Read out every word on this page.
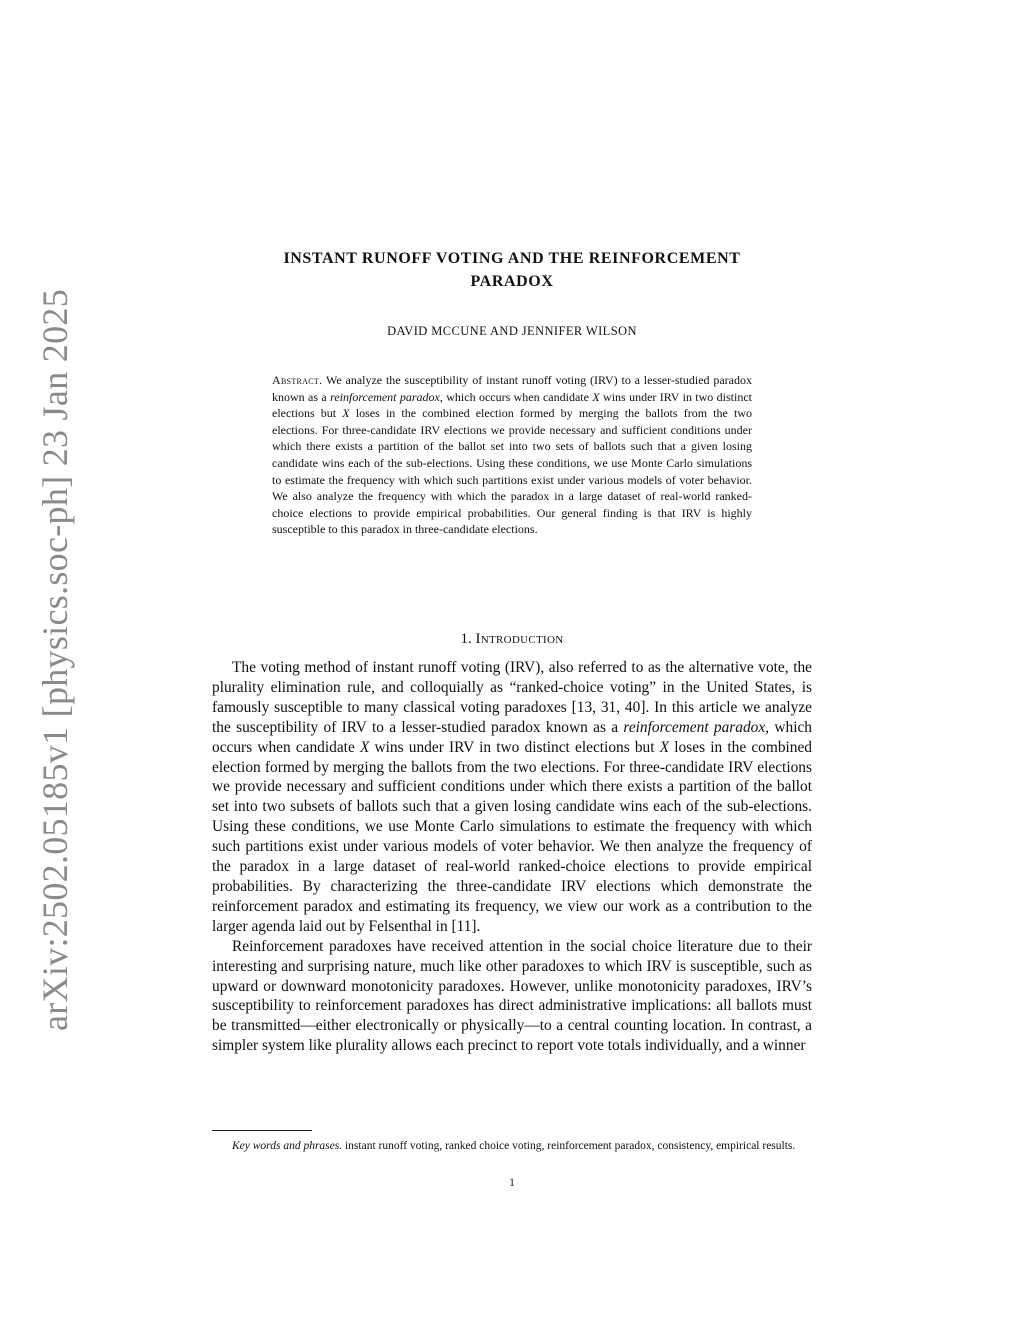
arXiv:2502.05185v1 [physics.soc-ph] 23 Jan 2025
INSTANT RUNOFF VOTING AND THE REINFORCEMENT
PARADOX
DAVID MCCUNE AND JENNIFER WILSON
Abstract. We analyze the susceptibility of instant runoff voting (IRV) to a lesser-studied paradox known as a reinforcement paradox, which occurs when candidate X wins under IRV in two distinct elections but X loses in the combined election formed by merging the ballots from the two elections. For three-candidate IRV elections we provide necessary and sufficient conditions under which there exists a partition of the ballot set into two sets of ballots such that a given losing candidate wins each of the sub-elections. Using these conditions, we use Monte Carlo simulations to estimate the frequency with which such partitions exist under various models of voter behavior. We also analyze the frequency with which the paradox in a large dataset of real-world ranked-choice elections to provide empirical probabilities. Our general finding is that IRV is highly susceptible to this paradox in three-candidate elections.
1. Introduction

The voting method of instant runoff voting (IRV), also referred to as the alternative vote, the plurality elimination rule, and colloquially as “ranked-choice voting” in the United States, is famously susceptible to many classical voting paradoxes [13, 31, 40]. In this article we analyze the susceptibility of IRV to a lesser-studied paradox known as a reinforcement paradox, which occurs when candidate X wins under IRV in two distinct elections but X loses in the combined election formed by merging the ballots from the two elections. For three-candidate IRV elections we provide necessary and sufficient conditions under which there exists a partition of the ballot set into two subsets of ballots such that a given losing candidate wins each of the sub-elections. Using these conditions, we use Monte Carlo simulations to estimate the frequency with which such partitions exist under various models of voter behavior. We then analyze the frequency of the paradox in a large dataset of real-world ranked-choice elections to provide empirical probabilities. By characterizing the three-candidate IRV elections which demonstrate the reinforcement paradox and estimating its frequency, we view our work as a contribution to the larger agenda laid out by Felsenthal in [11].

Reinforcement paradoxes have received attention in the social choice literature due to their interesting and surprising nature, much like other paradoxes to which IRV is susceptible, such as upward or downward monotonicity paradoxes. However, unlike monotonicity paradoxes, IRV’s susceptibility to reinforcement paradoxes has direct administrative implications: all ballots must be transmitted—either electronically or physically—to a central counting location. In contrast, a simpler system like plurality allows each precinct to report vote totals individually, and a winner

Key words and phrases. instant runoff voting, ranked choice voting, reinforcement paradox, consistency, empirical results.
1
